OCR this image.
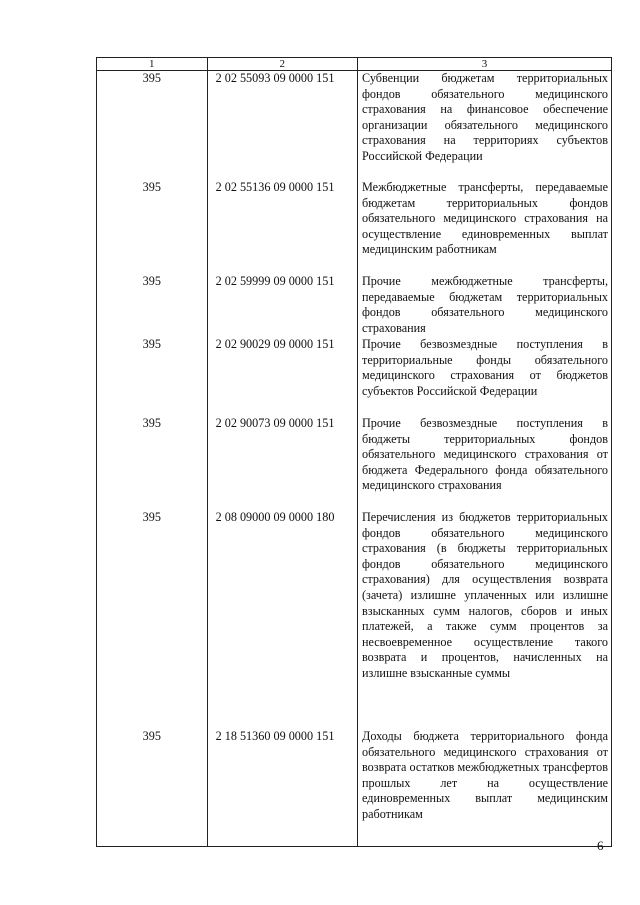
1	2	3
395
395
395
395
395
395
395
2 02 55093 09 0000 151
2 02 55136 09 0000 151
2 02 59999 09 0000 151
2 02 90029 09 0000 151
2 02 90073 09 0000 151
2 08 09000 09 0000 180
2 18 51360 09 0000 151
Субвенции бюджетам территориальных фондов обязательного медицинского страхования на финансовое обеспечение организации обязательного медицинского страхования на территориях субъектов Российской Федерации
Межбюджетные трансферты, передаваемые бюджетам территориальных фондов обязательного медицинского страхования на осуществление единовременных выплат медицинским работникам
Прочие межбюджетные трансферты, передаваемые бюджетам территориальных фондов обязательного медицинского страхования
Прочие безвозмездные поступления в территориальные фонды обязательного медицинского страхования от бюджетов субъектов Российской Федерации
Прочие безвозмездные поступления в бюджеты территориальных фондов обязательного медицинского страхования от бюджета Федерального фонда обязательного медицинского страхования
Перечисления из бюджетов территориальных фондов обязательного медицинского страхования (в бюджеты территориальных фондов обязательного медицинского страхования) для осуществления возврата (зачета) излишне уплаченных или излишне взысканных сумм налогов, сборов и иных платежей, а также сумм процентов за несвоевременное осуществление такого возврата и процентов, начисленных на излишне взысканные суммы
Доходы бюджета территориального фонда обязательного медицинского страхования от возврата остатков межбюджетных трансфертов прошлых лет на осуществление единовременных выплат медицинским работникам
6
